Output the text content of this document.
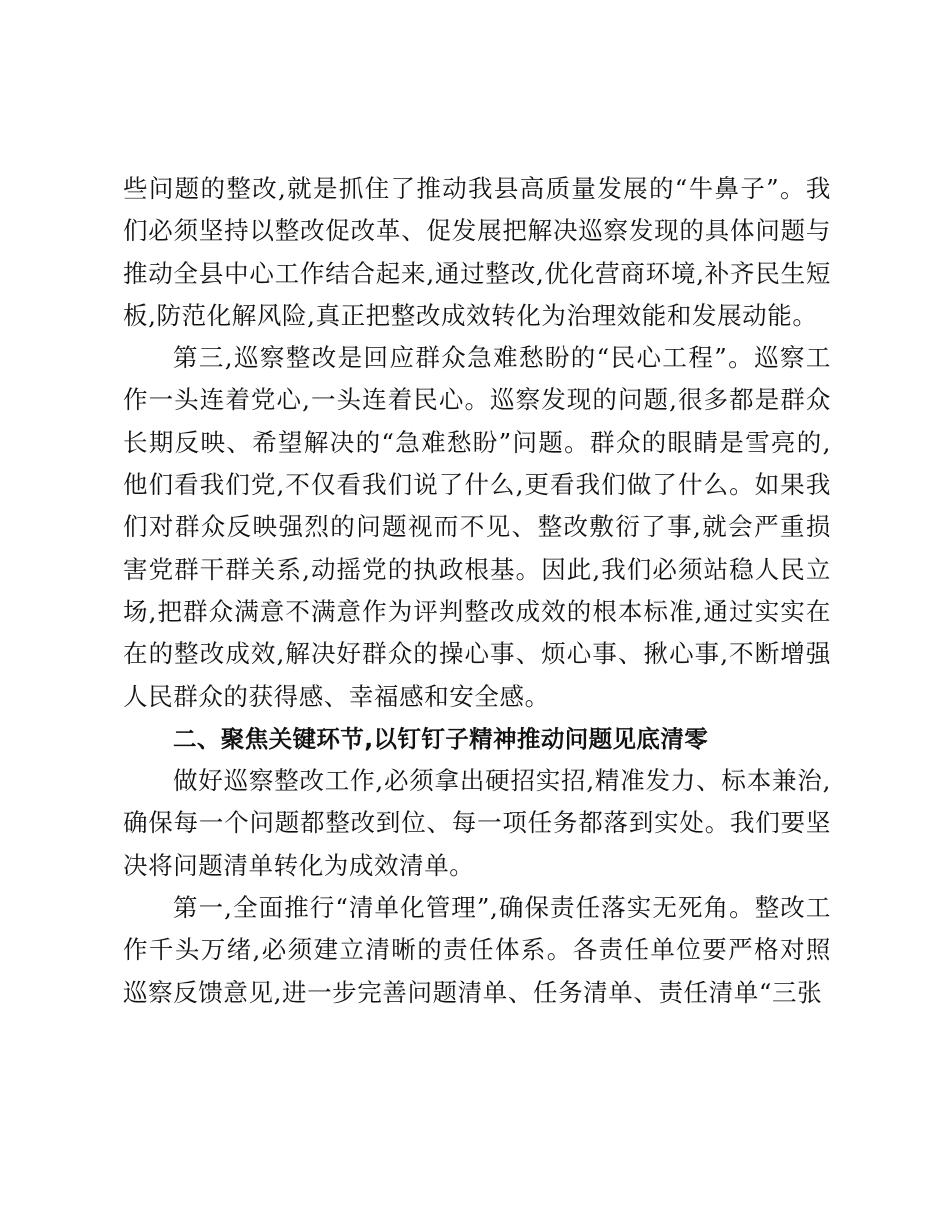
些问题的整改,就是抓住了推动我县高质量发展的“牛鼻子”。我们必须坚持以整改促改革、促发展把解决巡察发现的具体问题与推动全县中心工作结合起来,通过整改,优化营商环境,补齐民生短板,防范化解风险,真正把整改成效转化为治理效能和发展动能。

第三,巡察整改是回应群众急难愁盼的“民心工程”。巡察工作一头连着党心,一头连着民心。巡察发现的问题,很多都是群众长期反映、希望解决的“急难愁盼”问题。群众的眼睛是雪亮的,他们看我们党,不仅看我们说了什么,更看我们做了什么。如果我们对群众反映强烈的问题视而不见、整改敷衍了事,就会严重损害党群干群关系,动摇党的执政根基。因此,我们必须站稳人民立场,把群众满意不满意作为评判整改成效的根本标准,通过实实在在的整改成效,解决好群众的操心事、烦心事、揪心事,不断增强人民群众的获得感、幸福感和安全感。

二、聚焦关键环节,以钉钉子精神推动问题见底清零

做好巡察整改工作,必须拿出硬招实招,精准发力、标本兼治,确保每一个问题都整改到位、每一项任务都落到实处。我们要坚决将问题清单转化为成效清单。

第一,全面推行“清单化管理”,确保责任落实无死角。整改工作千头万绪,必须建立清晰的责任体系。各责任单位要严格对照巡察反馈意见,进一步完善问题清单、任务清单、责任清单“三张
